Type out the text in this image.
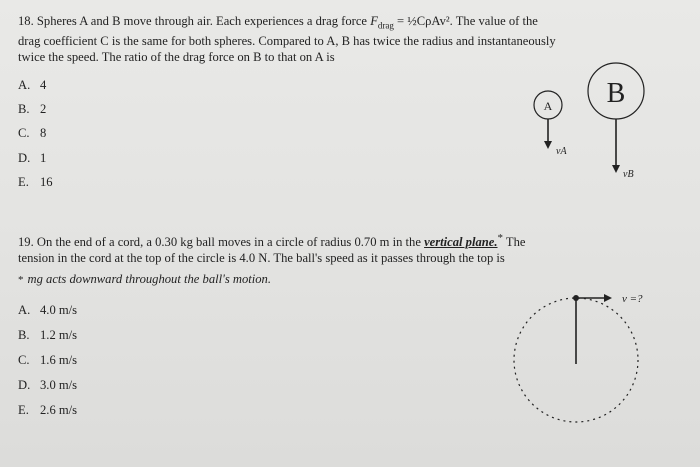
18. Spheres A and B move through air. Each experiences a drag force $F_{drag}$ = ½CρAv². The value of the

drag coefficient C is the same for both spheres. Compared to A, B has twice the radius and instantaneously

twice the speed. The ratio of the drag force on B to that on A is

A. 4
B. 2
C. 8
D. 1
E. 16
A
vA
B
vB

19. On the end of a cord, a 0.30 kg ball moves in a circle of radius 0.70 m in the vertical plane.* The

tension in the cord at the top of the circle is 4.0 N. The ball's speed as it passes through the top is

* mg acts downward throughout the ball's motion.

A. 4.0 m/s
B. 1.2 m/s
C. 1.6 m/s
D. 3.0 m/s
E. 2.6 m/s
v =?
